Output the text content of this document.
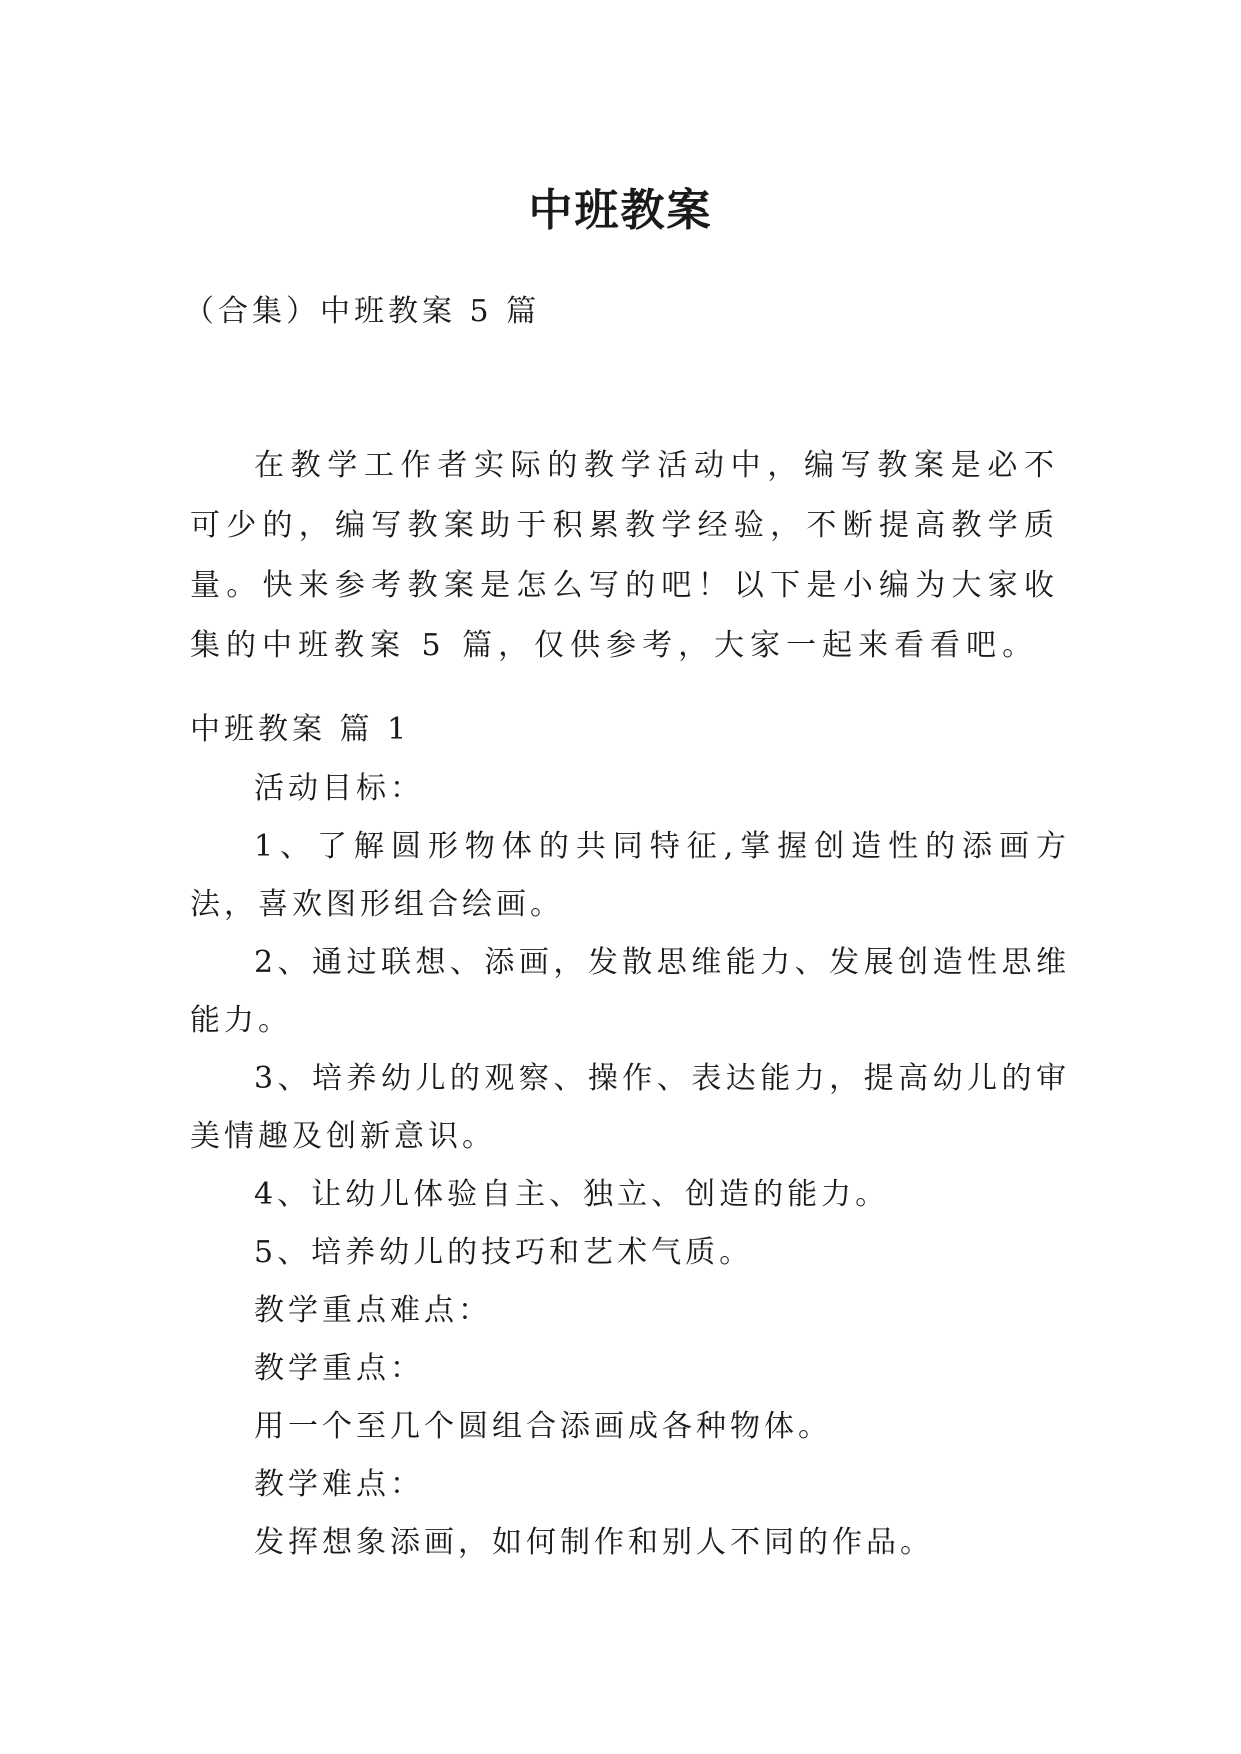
中班教案
（合集）中班教案 5 篇

在教学工作者实际的教学活动中，编写教案是必不可少的，编写教案助于积累教学经验，不断提高教学质量。快来参考教案是怎么写的吧！以下是小编为大家收集的中班教案 5 篇，仅供参考，大家一起来看看吧。

中班教案 篇 1

活动目标：

1、了解圆形物体的共同特征,掌握创造性的添画方法，喜欢图形组合绘画。

2、通过联想、添画，发散思维能力、发展创造性思维能力。

3、培养幼儿的观察、操作、表达能力，提高幼儿的审美情趣及创新意识。

4、让幼儿体验自主、独立、创造的能力。

5、培养幼儿的技巧和艺术气质。

教学重点难点：

教学重点：

用一个至几个圆组合添画成各种物体。

教学难点：

发挥想象添画，如何制作和别人不同的作品。
